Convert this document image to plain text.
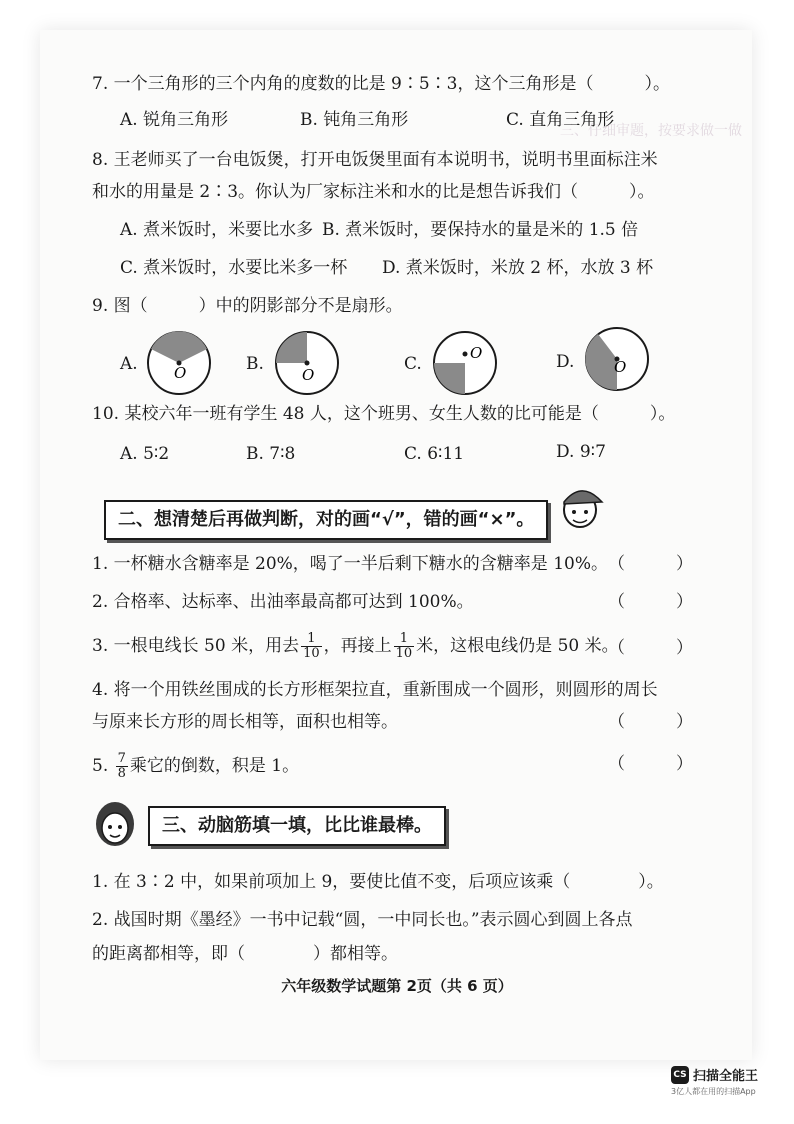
三、仔细审题，按要求做一做
7. 一个三角形的三个内角的度数的比是 9∶5∶3，这个三角形是（　　　）。
A. 锐角三角形	B. 钝角三角形	C. 直角三角形
8. 王老师买了一台电饭煲，打开电饭煲里面有本说明书，说明书里面标注米
和水的用量是 2∶3。你认为厂家标注米和水的比是想告诉我们（　　　）。
A. 煮米饭时，米要比水多 B. 煮米饭时，要保持水的量是米的 1.5 倍
C. 煮米饭时，水要比米多一杯 D. 煮米饭时，米放 2 杯，水放 3 杯
9. 图（　　　）中的阴影部分不是扇形。
A. O	B.
O
C.
O	D.	O
10. 某校六年一班有学生 48 人，这个班男、女生人数的比可能是（　　　）。
A. 5∶2	B. 7∶8	C. 6∶11	D. 9∶7
二、想清楚后再做判断，对的画“√”，错的画“×”。
1. 一杯糖水含糖率是 20%，喝了一半后剩下糖水的含糖率是 10%。 （　　　）
2. 合格率、达标率、出油率最高都可达到 100%。	（　　　）
3. 一根电线长 50 米，用去 $\frac{1}{10}$ ，再接上 $\frac{1}{10}$ 米，这根电线仍是 50 米。
（　　　）
4. 将一个用铁丝围成的长方形框架拉直，重新围成一个圆形，则圆形的周长
与原来长方形的周长相等，面积也相等。	（　　　）
5. $\frac{7}{8}$ 乘它的倒数，积是 1。	（　　　）
三、动脑筋填一填，比比谁最棒。
1. 在 3∶2 中，如果前项加上 9，要使比值不变，后项应该乘（　　　　）。
2. 战国时期《墨经》一书中记载“圆，一中同长也。”表示圆心到圆上各点
的距离都相等，即（　　　　）都相等。
六年级数学试题第 2页（共 6 页）
CS 扫描全能王
3亿人都在用的扫描App
